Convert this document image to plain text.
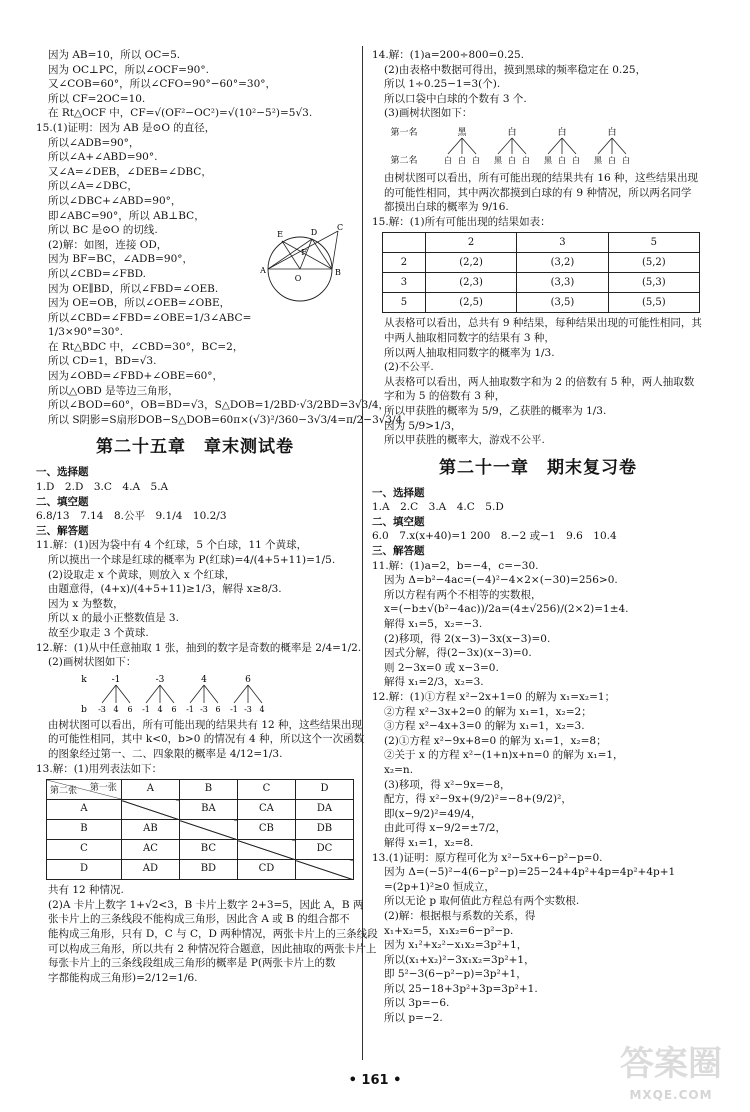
因为 AB=10，所以 OC=5.
因为 OC⊥PC，所以∠OCF=90°.
又∠COB=60°，所以∠CFO=90°−60°=30°，
所以 CF=2OC=10.
在 Rt△OCF 中，CF=√(OF²−OC²)=√(10²−5²)=5√3.
15.(1)证明：因为 AB 是⊙O 的直径，
所以∠ADB=90°，
所以∠A+∠ABD=90°.
又∠A=∠DEB，∠DEB=∠DBC，
所以∠A=∠DBC，
所以∠DBC+∠ABD=90°，
即∠ABC=90°，所以 AB⊥BC，
E
C
D
F
A
O
B
所以 BC 是⊙O 的切线.
(2)解：如图，连接 OD，
因为 BF=BC，∠ADB=90°，
所以∠CBD=∠FBD.
因为 OE∥BD，所以∠FBD=∠OEB.
因为 OE=OB，所以∠OEB=∠OBE，
所以∠CBD=∠FBD=∠OBE=1/3∠ABC=
1/3×90°=30°.
在 Rt△BDC 中，∠CBD=30°，BC=2，
所以 CD=1，BD=√3.
因为∠OBD=∠FBD+∠OBE=60°，
所以△OBD 是等边三角形，
所以∠BOD=60°，OB=BD=√3，S△DOB=1/2BD·√3/2BD=3√3/4，
所以 S阴影=S扇形DOB−S△DOB=60π×(√3)²/360−3√3/4=π/2−3√3/4.
第二十五章　章末测试卷
一、选择题
1.D　2.D　3.C　4.A　5.A
二、填空题
6.8/13　7.14　8.公平　9.1/4　10.2/3
三、解答题
11.解：(1)因为袋中有 4 个红球，5 个白球，11 个黄球，
所以摸出一个球是红球的概率为 P(红球)=4/(4+5+11)=1/5.
(2)设取走 x 个黄球，则放入 x 个红球，
由题意得，(4+x)/(4+5+11)≥1/3，解得 x≥8/3.
因为 x 为整数，
所以 x 的最小正整数值是 3.
故至少取走 3 个黄球.
12.解：(1)从中任意抽取 1 张，抽到的数字是奇数的概率是 2/4=1/2.
(2)画树状图如下：
k
b
-1
-3 4 6
-3
-1 4 6
4
-1 -3 6
6
-1 -3 4
由树状图可以看出，所有可能出现的结果共有 12 种，这些结果出现
的可能性相同，其中 k<0，b>0 的情况有 4 种，所以这个一次函数
的图象经过第一、二、四象限的概率是 4/12=1/3.
13.解：(1)用列表法如下：
第一张
第二张	A	B	C	D
A		BA	CA	DA
B	AB		CB	DB
C	AC	BC		DC
D	AD	BD	CD	
共有 12 种情况.
(2)A 卡片上数字 1+√2<3，B 卡片上数字 2+3=5，因此 A，B 两
张卡片上的三条线段不能构成三角形，因此含 A 或 B 的组合都不
能构成三角形，只有 D，C 与 C，D 两种情况，两张卡片上的三条线段
可以构成三角形，所以共有 2 种情况符合题意，因此抽取的两张卡片上
每张卡片上的三条线段组成三角形的概率是 P(两张卡片上的数
字都能构成三角形)=2/12=1/6.
14.解：(1)a=200÷800=0.25.
(2)由表格中数据可得出，摸到黑球的频率稳定在 0.25，
所以 1÷0.25−1=3(个).
所以口袋中白球的个数有 3 个.
(3)画树状图如下：
第一名
第二名
黑
白 白 白
白
黑 白 白
白
黑 白 白
白
黑 白 白
由树状图可以看出，所有可能出现的结果共有 16 种，这些结果出现
的可能性相同，其中两次都摸到白球的有 9 种情况，所以两名同学
都摸出白球的概率为 9/16.
15.解：(1)所有可能出现的结果如表：
	2	3	5
2	(2,2)	(3,2)	(5,2)
3	(2,3)	(3,3)	(5,3)
5	(2,5)	(3,5)	(5,5)
从表格可以看出，总共有 9 种结果，每种结果出现的可能性相同，其
中两人抽取相同数字的结果有 3 种，
所以两人抽取相同数字的概率为 1/3.
(2)不公平.
从表格可以看出，两人抽取数字和为 2 的倍数有 5 种，两人抽取数
字和为 5 的倍数有 3 种，
所以甲获胜的概率为 5/9，乙获胜的概率为 1/3.
因为 5/9>1/3，
所以甲获胜的概率大，游戏不公平.
第二十一章　期末复习卷
一、选择题
1.A　2.C　3.A　4.C　5.D
二、填空题
6.0　7.x(x+40)=1 200　8.−2 或−1　9.6　10.4
三、解答题
11.解：(1)a=2，b=−4，c=−30.
因为 Δ=b²−4ac=(−4)²−4×2×(−30)=256>0.
所以方程有两个不相等的实数根，
x=(−b±√(b²−4ac))/2a=(4±√256)/(2×2)=1±4.
解得 x₁=5，x₂=−3.
(2)移项，得 2(x−3)−3x(x−3)=0.
因式分解，得(2−3x)(x−3)=0.
则 2−3x=0 或 x−3=0.
解得 x₁=2/3，x₂=3.
12.解：(1)①方程 x²−2x+1=0 的解为 x₁=x₂=1；
②方程 x²−3x+2=0 的解为 x₁=1，x₂=2；
③方程 x²−4x+3=0 的解为 x₁=1，x₂=3.
(2)①方程 x²−9x+8=0 的解为 x₁=1，x₂=8；
②关于 x 的方程 x²−(1+n)x+n=0 的解为 x₁=1，
x₂=n.
(3)移项，得 x²−9x=−8，
配方，得 x²−9x+(9/2)²=−8+(9/2)²，
即(x−9/2)²=49/4，
由此可得 x−9/2=±7/2，
解得 x₁=1，x₂=8.
13.(1)证明：原方程可化为 x²−5x+6−p²−p=0.
因为 Δ=(−5)²−4(6−p²−p)=25−24+4p²+4p=4p²+4p+1
=(2p+1)²≥0 恒成立，
所以无论 p 取何值此方程总有两个实数根.
(2)解：根据根与系数的关系，得
x₁+x₂=5，x₁x₂=6−p²−p.
因为 x₁²+x₂²−x₁x₂=3p²+1，
所以(x₁+x₂)²−3x₁x₂=3p²+1，
即 5²−3(6−p²−p)=3p²+1，
所以 25−18+3p²+3p=3p²+1.
所以 3p=−6.
所以 p=−2.
• 161 •	答案圈
MXQE.COM
